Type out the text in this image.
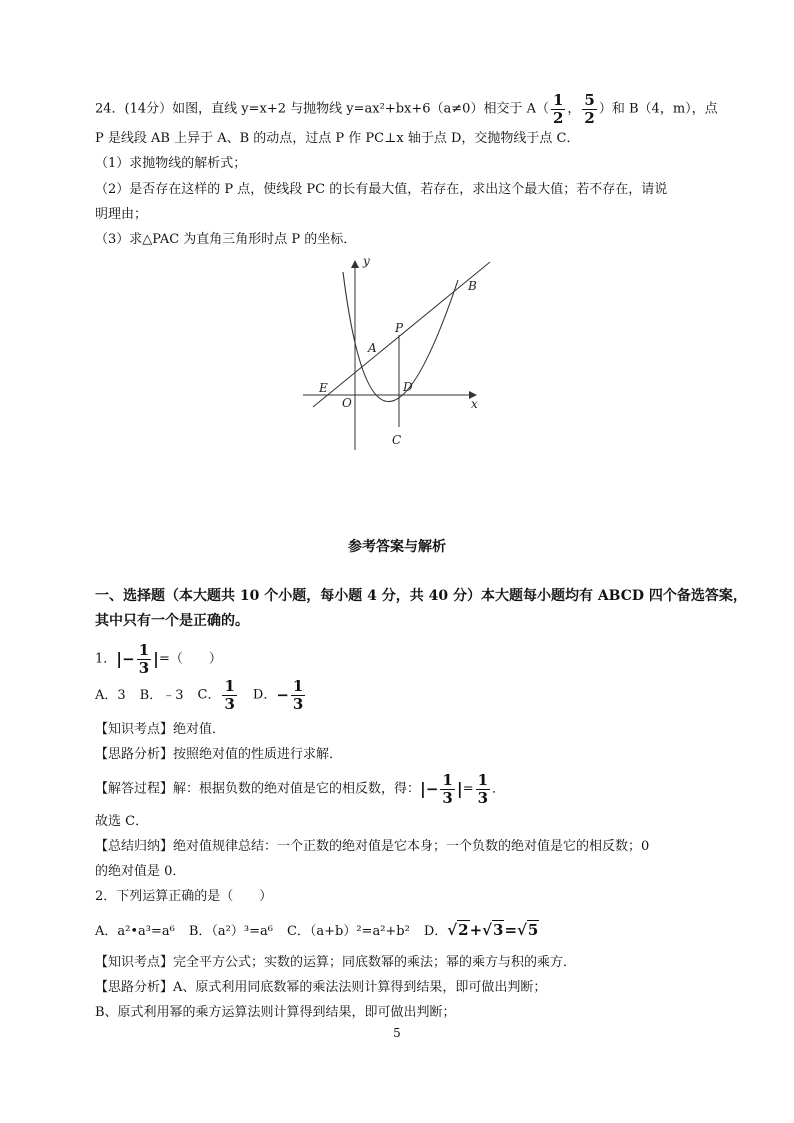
24．(14分）如图，直线 y=x+2 与抛物线 y=ax²+bx+6（a≠0）相交于 $A( \frac{1}{2}$ ， $\frac{5}{2}$ ）和 B（4，m），点
P 是线段 AB 上异于 A、B 的动点，过点 P 作 PC⊥x 轴于点 D，交抛物线于点 C．
（1）求抛物线的解析式；
（2）是否存在这样的 P 点，使线段 PC 的长有最大值，若存在，求出这个最大值；若不存在，请说
明理由；
（3）求△PAC 为直角三角形时点 P 的坐标．
y
x
O
E
A
P
D
C
B
参考答案与解析
一、选择题（本大题共 10 个小题，每小题 4 分，共 40 分）本大题每小题均有 ABCD 四个备选答案，
其中只有一个是正确的。
1．|− $\frac{1}{3}$ |=（　　）
A．3 B．﹣3 C． $\frac{1}{3}$ D．− $\frac{1}{3}$
【知识考点】绝对值．
【思路分析】按照绝对值的性质进行求解．
【解答过程】解：根据负数的绝对值是它的相反数，得：|− $\frac{1}{3}$ |= $\frac{1}{3}$ ．
故选 C．
【总结归纳】绝对值规律总结：一个正数的绝对值是它本身；一个负数的绝对值是它的相反数；0
的绝对值是 0．
2．下列运算正确的是（　　）
A．a²•a³=a⁶ B．（a²）³=a⁶ C．（a+b）²=a²+b² D．√2+√3=√5
【知识考点】完全平方公式；实数的运算；同底数幂的乘法；幂的乘方与积的乘方．
【思路分析】A、原式利用同底数幂的乘法法则计算得到结果，即可做出判断；
B、原式利用幂的乘方运算法则计算得到结果，即可做出判断；
5
